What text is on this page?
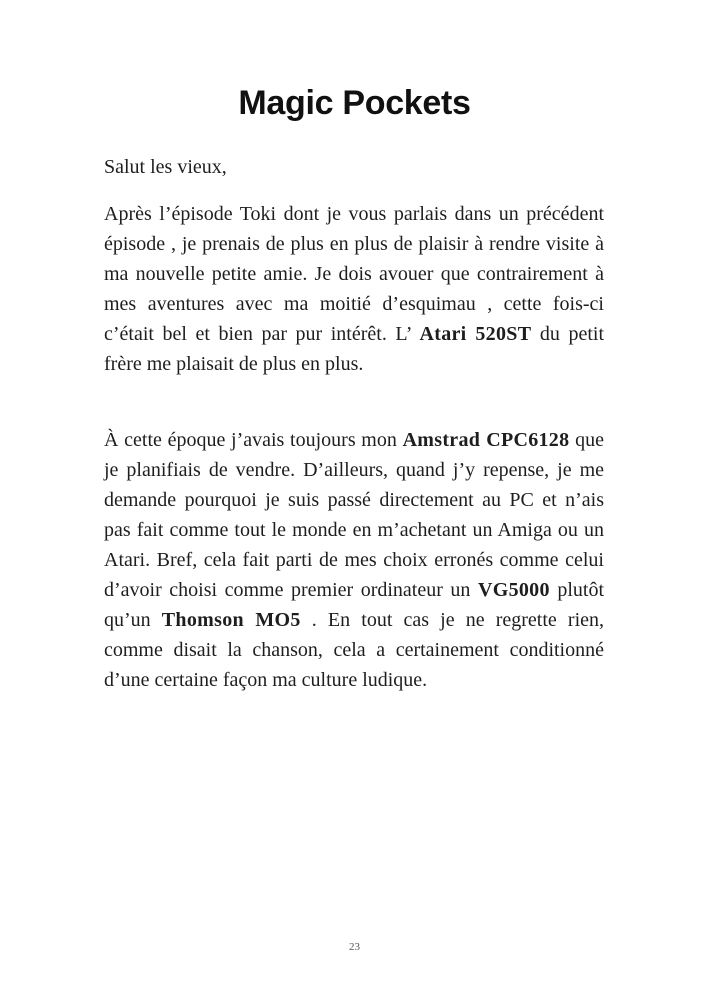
Magic Pockets

Salut les vieux,

Après l’épisode Toki dont je vous parlais dans un précédent épisode , je prenais de plus en plus de plaisir à rendre visite à ma nouvelle petite amie. Je dois avouer que contrairement à mes aventures avec ma moitié d’esquimau , cette fois-ci c’était bel et bien par pur intérêt. L’ Atari 520ST du petit frère me plaisait de plus en plus.

À cette époque j’avais toujours mon Amstrad CPC6128 que je planifiais de vendre. D’ailleurs, quand j’y repense, je me demande pourquoi je suis passé directement au PC et n’ais pas fait comme tout le monde en m’achetant un Amiga ou un Atari. Bref, cela fait parti de mes choix erronés comme celui d’avoir choisi comme premier ordinateur un VG5000 plutôt qu’un Thomson MO5 . En tout cas je ne regrette rien, comme disait la chanson, cela a certainement conditionné d’une certaine façon ma culture ludique.

23
